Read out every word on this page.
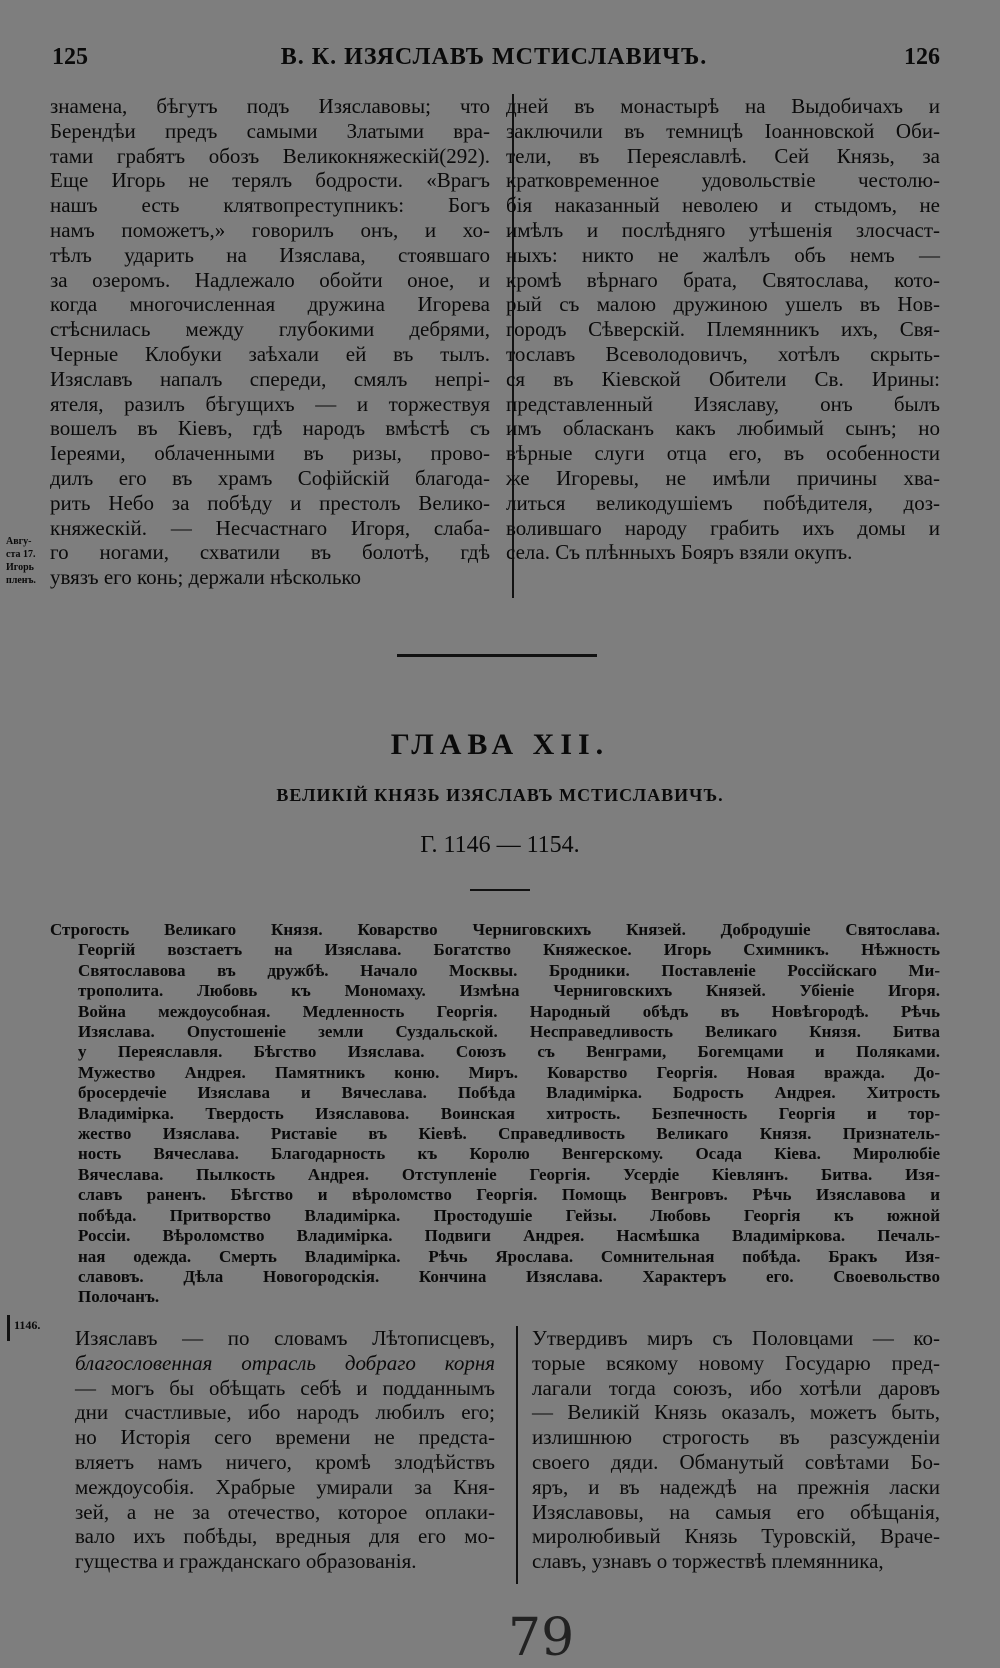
125	В. К. ИЗЯСЛАВЪ МСТИСЛАВИЧЪ.	126
знамена, бѣгутъ подъ Изяславовы; что
Берендѣи предъ самыми Златыми вра-
тами грабятъ обозъ Великокняжескій(292).
Еще Игорь не терялъ бодрости. «Врагъ
нашъ есть клятвопреступникъ: Богъ
намъ поможетъ,» говорилъ онъ, и хо-
тѣлъ ударить на Изяслава, стоявшаго
за озеромъ. Надлежало обойти оное, и
когда многочисленная дружина Игорева
стѣснилась между глубокими дебрями,
Черные Клобуки заѣхали ей въ тылъ.
Изяславъ напалъ спереди, смялъ непрі-
ятеля, разилъ бѣгущихъ — и торжествуя
вошелъ въ Кіевъ, гдѣ народъ вмѣстѣ съ
Іереями, облаченными въ ризы, прово-
дилъ его въ храмъ Софійскій благода-
рить Небо за побѣду и престолъ Велико-
княжескій. — Несчастнаго Игоря, слаба-
го ногами, схватили въ болотѣ, гдѣ
увязъ его конь; держали нѣсколько
дней въ монастырѣ на Выдобичахъ и
заключили въ темницѣ Іоанновской Оби-
тели, въ Переяславлѣ. Сей Князь, за
кратковременное удовольствіе честолю-
бія наказанный неволею и стыдомъ, не
имѣлъ и послѣдняго утѣшенія злосчаст-
ныхъ: никто не жалѣлъ объ немъ —
кромѣ вѣрнаго брата, Святослава, кото-
рый съ малою дружиною ушелъ въ Нов-
городъ Сѣверскій. Племянникъ ихъ, Свя-
тославъ Всеволодовичъ, хотѣлъ скрыть-
ся въ Кіевской Обители Св. Ирины:
представленный Изяславу, онъ былъ
имъ обласканъ какъ любимый сынъ; но
вѣрные слуги отца его, въ особенности
же Игоревы, не имѣли причины хва-
литься великодушіемъ побѣдителя, доз-
волившаго народу грабить ихъ домы и
села. Съ плѣнныхъ Бояръ взяли окупъ.
Авгу-
ста 17.
Игорь
пленъ.
ГЛАВА XII.
ВЕЛИКІЙ КНЯЗЬ ИЗЯСЛАВЪ МСТИСЛАВИЧЪ.
Г. 1146 — 1154.
Строгость Великаго Князя. Коварство Черниговскихъ Князей. Добродушіе Святослава.
Георгій возстаетъ на Изяслава. Богатство Княжеское. Игорь Схимникъ. Нѣжность
Святославова въ дружбѣ. Начало Москвы. Бродники. Поставленіе Россійскаго Ми-
трополита. Любовь къ Мономаху. Измѣна Черниговскихъ Князей. Убіеніе Игоря.
Война междоусобная. Медленность Георгія. Народный обѣдъ въ Новѣгородѣ. Рѣчь
Изяслава. Опустошеніе земли Суздальской. Несправедливость Великаго Князя. Битва
у Переяславля. Бѣгство Изяслава. Союзъ съ Венграми, Богемцами и Поляками.
Мужество Андрея. Памятникъ коню. Миръ. Коварство Георгія. Новая вражда. До-
бросердечіе Изяслава и Вячеслава. Побѣда Владимірка. Бодрость Андрея. Хитрость
Владимірка. Твердость Изяславова. Воинская хитрость. Безпечность Георгія и тор-
жество Изяслава. Риставіе въ Кіевѣ. Справедливость Великаго Князя. Признатель-
ность Вячеслава. Благодарность къ Королю Венгерскому. Осада Кіева. Миролюбіе
Вячеслава. Пылкость Андрея. Отступленіе Георгія. Усердіе Кіевлянъ. Битва. Изя-
славъ раненъ. Бѣгство и вѣроломство Георгія. Помощь Венгровъ. Рѣчь Изяславова и
побѣда. Притворство Владимірка. Простодушіе Гейзы. Любовь Георгія къ южной
Россіи. Вѣроломство Владимірка. Подвиги Андрея. Насмѣшка Владиміркова. Печаль-
ная одежда. Смерть Владимірка. Рѣчь Ярослава. Сомнительная побѣда. Бракъ Изя-
славовъ. Дѣла Новогородскія. Кончина Изяслава. Характеръ его. Своевольство
Полочанъ.
1146.
Изяславъ — по словамъ Лѣтописцевъ,
благословенная отрасль добраго корня
— могъ бы обѣщать себѣ и подданнымъ
дни счастливые, ибо народъ любилъ его;
но Исторія сего времени не предста-
вляетъ намъ ничего, кромѣ злодѣйствъ
междоусобія. Храбрые умирали за Кня-
зей, а не за отечество, которое оплаки-
вало ихъ побѣды, вредныя для его мо-
гущества и гражданскаго образованія.
Утвердивъ миръ съ Половцами — ко-
торые всякому новому Государю пред-
лагали тогда союзъ, ибо хотѣли даровъ
— Великій Князь оказалъ, можетъ быть,
излишнюю строгость въ разсужденіи
своего дяди. Обманутый совѣтами Бо-
яръ, и въ надеждѣ на прежнія ласки
Изяславовы, на самыя его обѣщанія,
миролюбивый Князь Туровскій, Враче-
славъ, узнавъ о торжествѣ племянника,
79
